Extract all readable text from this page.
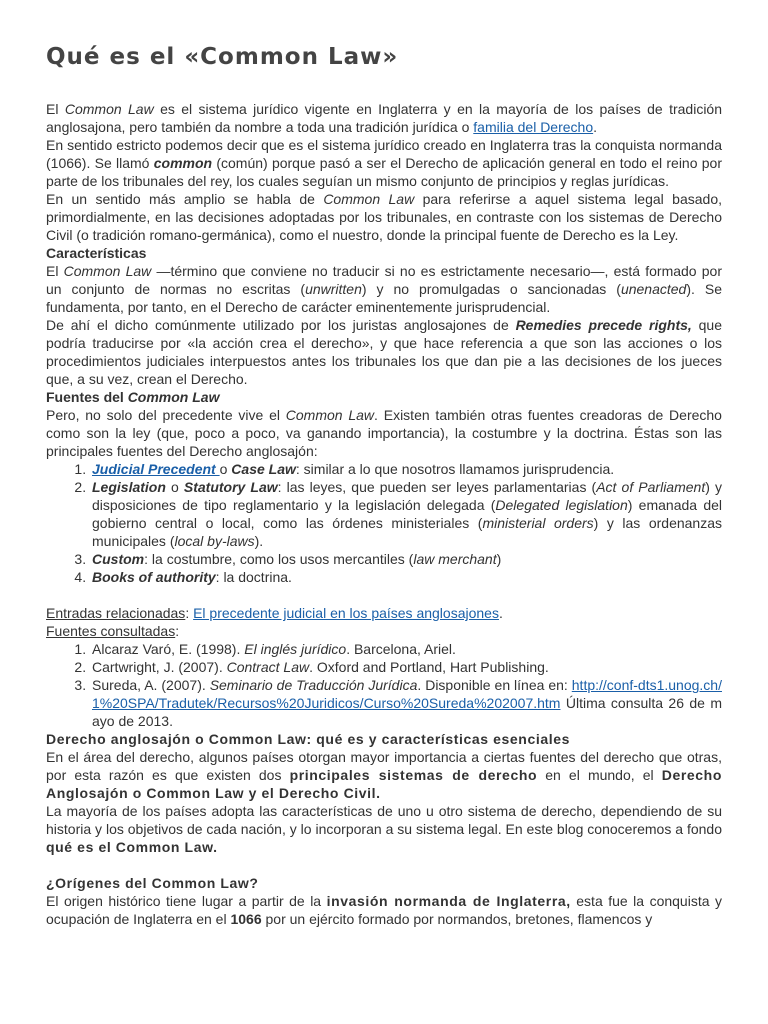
Qué es el «Common Law»

El Common Law es el sistema jurídico vigente en Inglaterra y en la mayoría de los países de tradición anglosajona, pero también da nombre a toda una tradición jurídica o familia del Derecho.

En sentido estricto podemos decir que es el sistema jurídico creado en Inglaterra tras la conquista normanda (1066). Se llamó common (común) porque pasó a ser el Derecho de aplicación general en todo el reino por parte de los tribunales del rey, los cuales seguían un mismo conjunto de principios y reglas jurídicas.

En un sentido más amplio se habla de Common Law para referirse a aquel sistema legal basado, primordialmente, en las decisiones adoptadas por los tribunales, en contraste con los sistemas de Derecho Civil (o tradición romano-germánica), como el nuestro, donde la principal fuente de Derecho es la Ley.

Características

El Common Law —término que conviene no traducir si no es estrictamente necesario—, está formado por un conjunto de normas no escritas (unwritten) y no promulgadas o sancionadas (unenacted). Se fundamenta, por tanto, en el Derecho de carácter eminentemente jurisprudencial.

De ahí el dicho comúnmente utilizado por los juristas anglosajones de Remedies precede rights, que podría traducirse por «la acción crea el derecho», y que hace referencia a que son las acciones o los procedimientos judiciales interpuestos antes los tribunales los que dan pie a las decisiones de los jueces que, a su vez, crean el Derecho.

Fuentes del Common Law

Pero, no solo del precedente vive el Common Law. Existen también otras fuentes creadoras de Derecho como son la ley (que, poco a poco, va ganando importancia), la costumbre y la doctrina. Éstas son las principales fuentes del Derecho anglosajón:

1. Judicial Precedent o Case Law: similar a lo que nosotros llamamos jurisprudencia.
2. Legislation o Statutory Law: las leyes, que pueden ser leyes parlamentarias (Act of Parliament) y disposiciones de tipo reglamentario y la legislación delegada (Delegated legislation) emanada del gobierno central o local, como las órdenes ministeriales (ministerial orders) y las ordenanzas municipales (local by-laws).
3. Custom: la costumbre, como los usos mercantiles (law merchant)
4. Books of authority: la doctrina.

Entradas relacionadas: El precedente judicial en los países anglosajones.

Fuentes consultadas:

1. Alcaraz Varó, E. (1998). El inglés jurídico. Barcelona, Ariel.
2. Cartwright, J. (2007). Contract Law. Oxford and Portland, Hart Publishing.
3. Sureda, A. (2007). Seminario de Traducción Jurídica. Disponible en línea en: http://conf-dts1.unog.ch/1%20SPA/Tradutek/Recursos%20Juridicos/Curso%20Sureda%202007.htm Última consulta 26 de mayo de 2013.
Derecho anglosajón o Common Law: qué es y características esenciales

En el área del derecho, algunos países otorgan mayor importancia a ciertas fuentes del derecho que otras, por esta razón es que existen dos principales sistemas de derecho en el mundo, el Derecho Anglosajón o Common Law y el Derecho Civil.

La mayoría de los países adopta las características de uno u otro sistema de derecho, dependiendo de su historia y los objetivos de cada nación, y lo incorporan a su sistema legal. En este blog conoceremos a fondo qué es el Common Law.

¿Orígenes del Common Law?

El origen histórico tiene lugar a partir de la invasión normanda de Inglaterra, esta fue la conquista y ocupación de Inglaterra en el 1066 por un ejército formado por normandos, bretones, flamencos y
